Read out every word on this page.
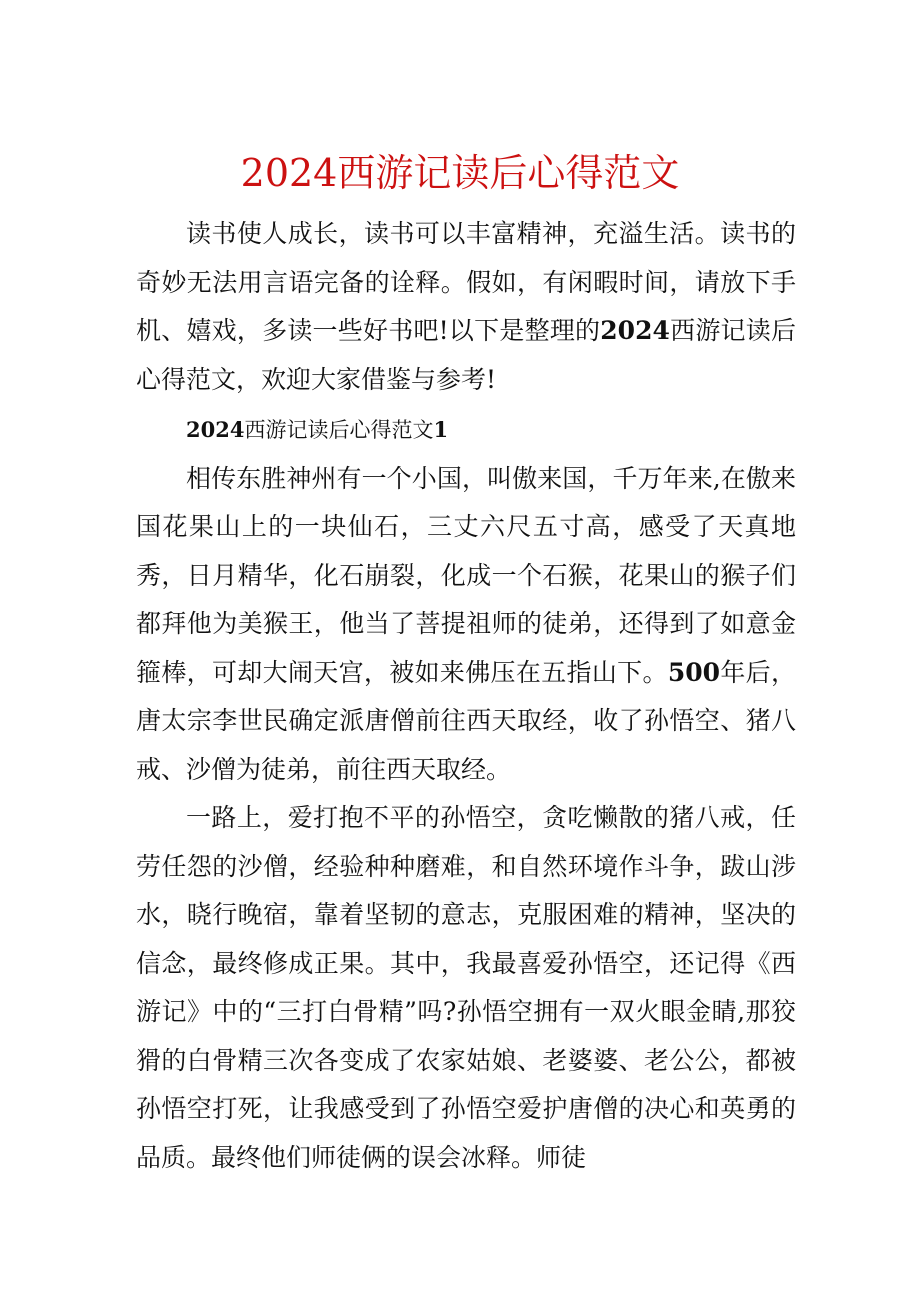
2024西游记读后心得范文

读书使人成长，读书可以丰富精神，充溢生活。读书的奇妙无法用言语完备的诠释。假如，有闲暇时间，请放下手机、嬉戏，多读一些好书吧!以下是整理的2024西游记读后心得范文，欢迎大家借鉴与参考!

2024西游记读后心得范文1

相传东胜神州有一个小国，叫傲来国，千万年来,在傲来国花果山上的一块仙石，三丈六尺五寸高，感受了天真地秀，日月精华，化石崩裂，化成一个石猴，花果山的猴子们都拜他为美猴王，他当了菩提祖师的徒弟，还得到了如意金箍棒，可却大闹天宫，被如来佛压在五指山下。500年后，唐太宗李世民确定派唐僧前往西天取经，收了孙悟空、猪八戒、沙僧为徒弟，前往西天取经。

一路上，爱打抱不平的孙悟空，贪吃懒散的猪八戒，任劳任怨的沙僧，经验种种磨难，和自然环境作斗争，跋山涉水，晓行晚宿，靠着坚韧的意志，克服困难的精神，坚决的信念，最终修成正果。其中，我最喜爱孙悟空，还记得《西游记》中的“三打白骨精”吗?孙悟空拥有一双火眼金睛,那狡猾的白骨精三次各变成了农家姑娘、老婆婆、老公公，都被孙悟空打死，让我感受到了孙悟空爱护唐僧的决心和英勇的品质。最终他们师徒俩的误会冰释。师徒
